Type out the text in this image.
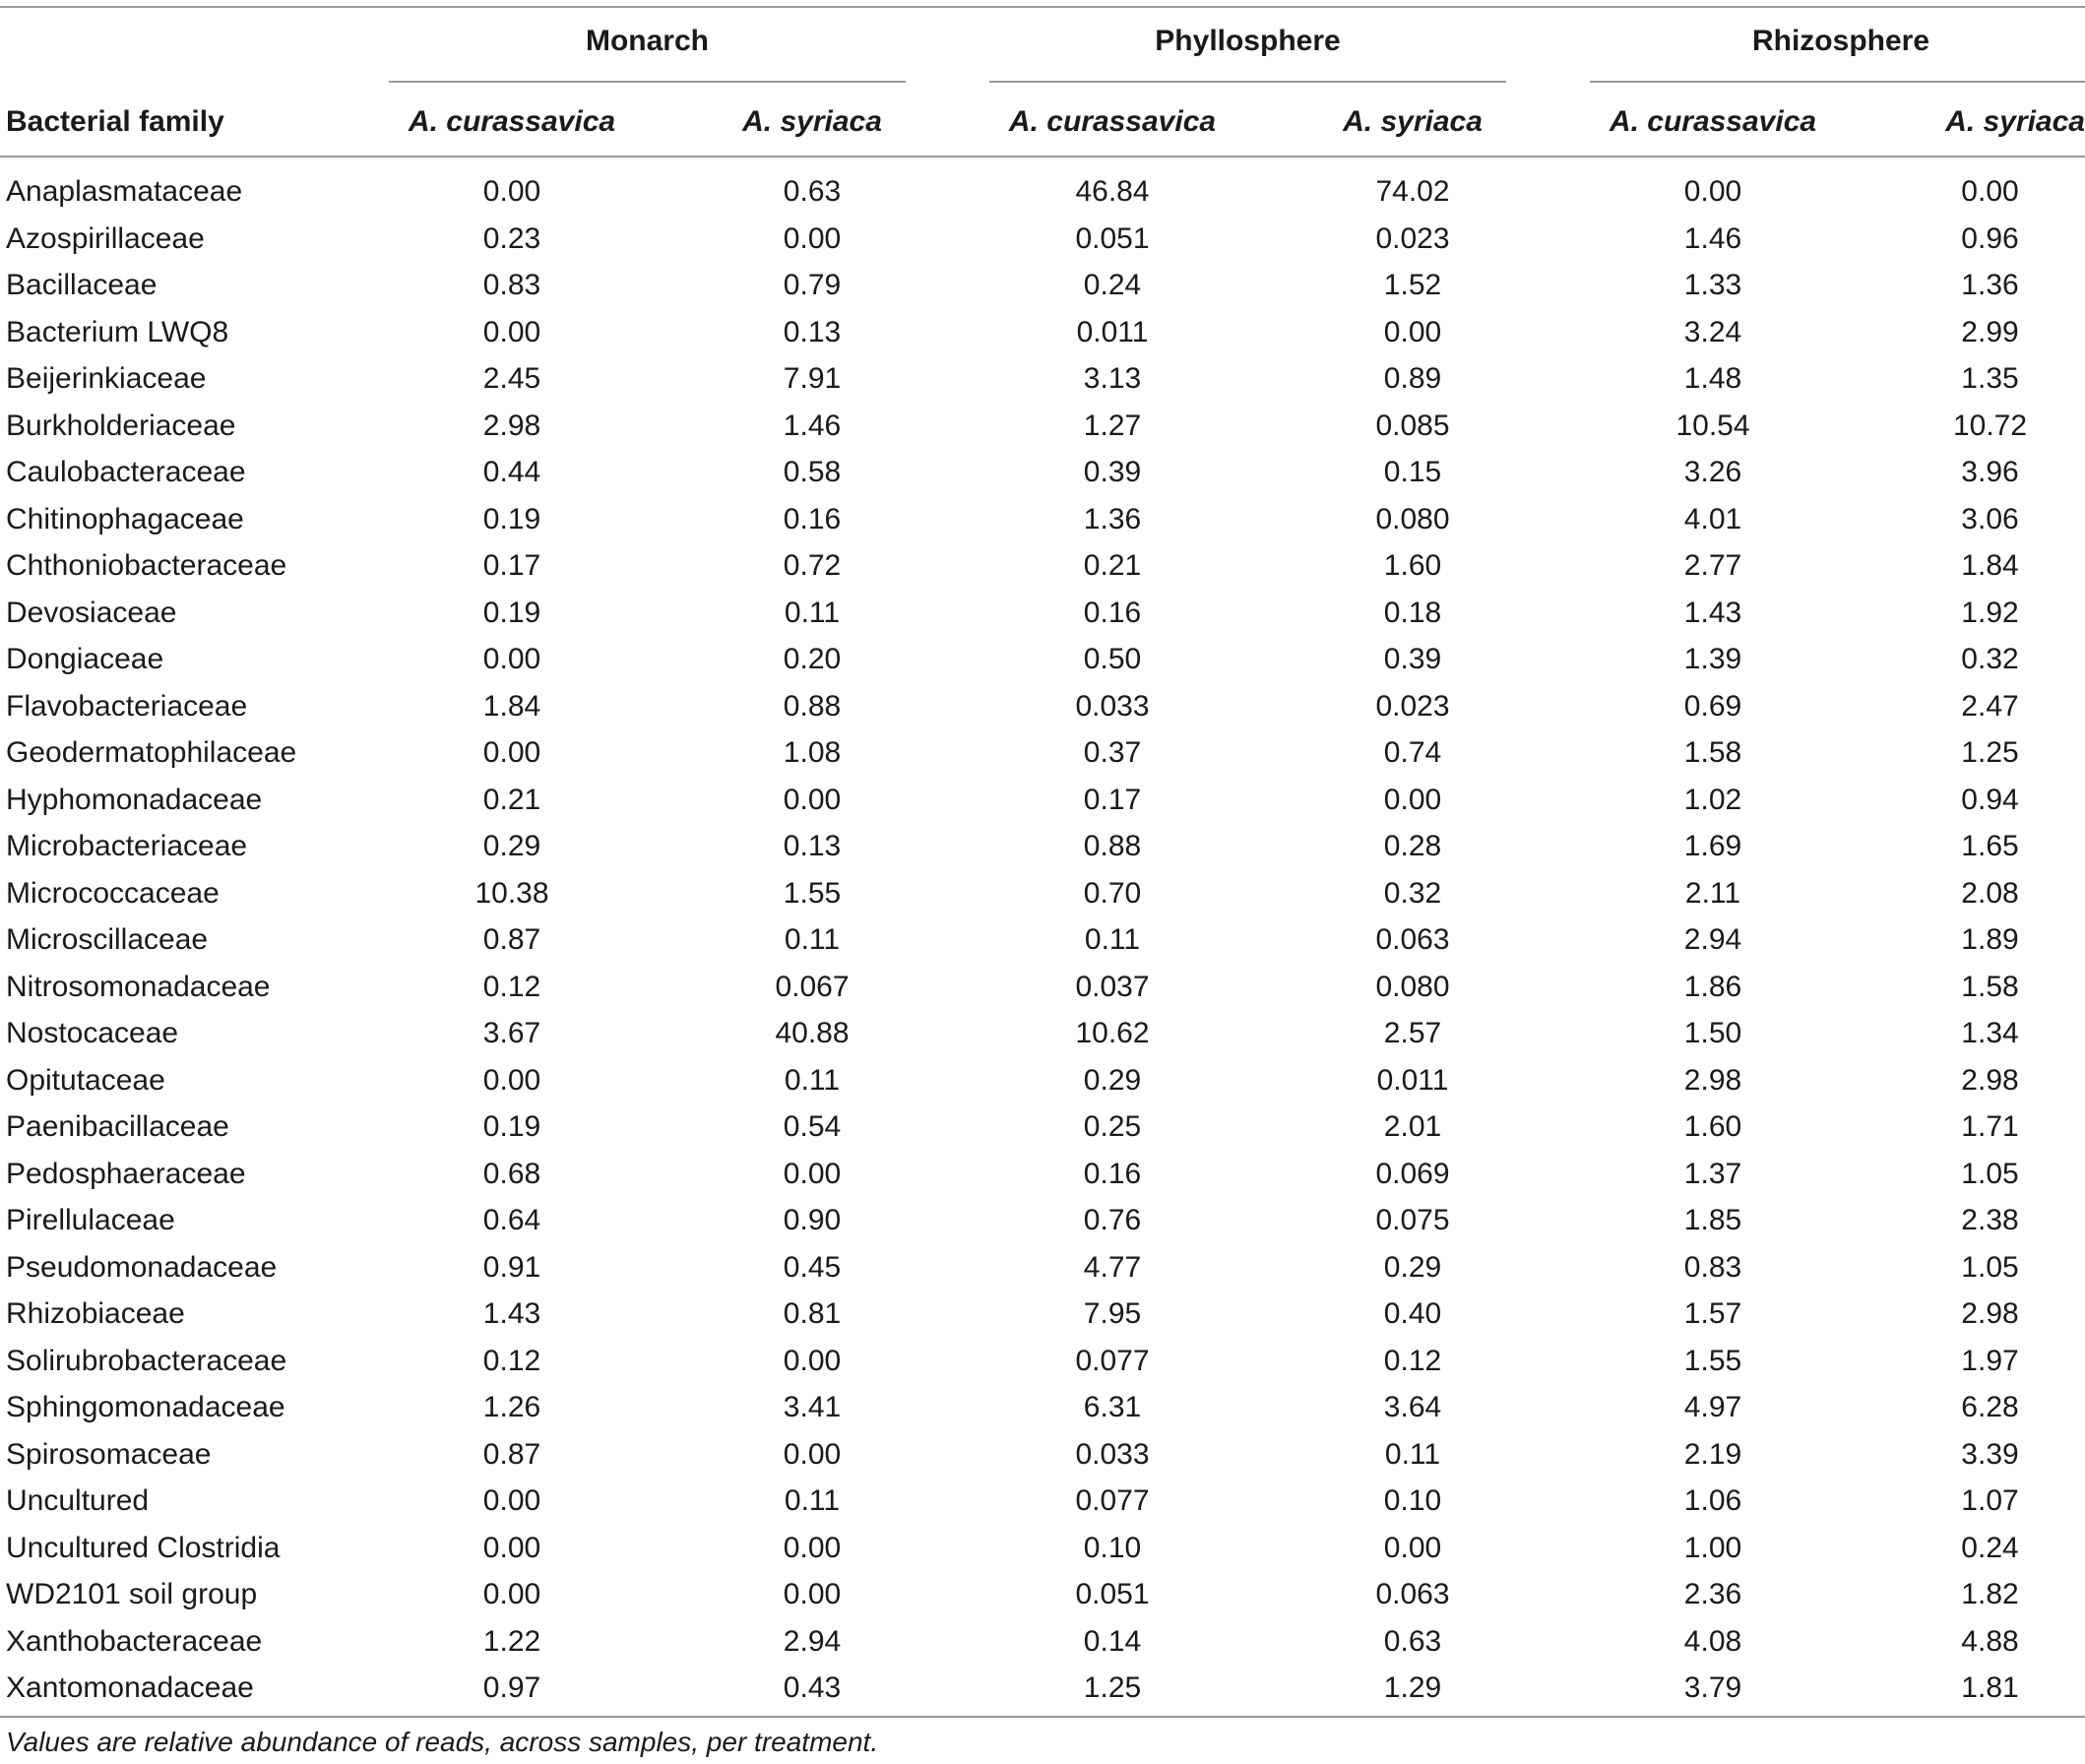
Monarch	Phyllosphere	Rhizosphere
Bacterial family	A. curassavica	A. syriaca	A. curassavica	A. syriaca	A. curassavica	A. syriaca
Anaplasmataceae	0.00	0.63	46.84	74.02	0.00	0.00
Azospirillaceae	0.23	0.00	0.051	0.023	1.46	0.96
Bacillaceae	0.83	0.79	0.24	1.52	1.33	1.36
Bacterium LWQ8	0.00	0.13	0.011	0.00	3.24	2.99
Beijerinkiaceae	2.45	7.91	3.13	0.89	1.48	1.35
Burkholderiaceae	2.98	1.46	1.27	0.085	10.54	10.72
Caulobacteraceae	0.44	0.58	0.39	0.15	3.26	3.96
Chitinophagaceae	0.19	0.16	1.36	0.080	4.01	3.06
Chthoniobacteraceae	0.17	0.72	0.21	1.60	2.77	1.84
Devosiaceae	0.19	0.11	0.16	0.18	1.43	1.92
Dongiaceae	0.00	0.20	0.50	0.39	1.39	0.32
Flavobacteriaceae	1.84	0.88	0.033	0.023	0.69	2.47
Geodermatophilaceae	0.00	1.08	0.37	0.74	1.58	1.25
Hyphomonadaceae	0.21	0.00	0.17	0.00	1.02	0.94
Microbacteriaceae	0.29	0.13	0.88	0.28	1.69	1.65
Micrococcaceae	10.38	1.55	0.70	0.32	2.11	2.08
Microscillaceae	0.87	0.11	0.11	0.063	2.94	1.89
Nitrosomonadaceae	0.12	0.067	0.037	0.080	1.86	1.58
Nostocaceae	3.67	40.88	10.62	2.57	1.50	1.34
Opitutaceae	0.00	0.11	0.29	0.011	2.98	2.98
Paenibacillaceae	0.19	0.54	0.25	2.01	1.60	1.71
Pedosphaeraceae	0.68	0.00	0.16	0.069	1.37	1.05
Pirellulaceae	0.64	0.90	0.76	0.075	1.85	2.38
Pseudomonadaceae	0.91	0.45	4.77	0.29	0.83	1.05
Rhizobiaceae	1.43	0.81	7.95	0.40	1.57	2.98
Solirubrobacteraceae	0.12	0.00	0.077	0.12	1.55	1.97
Sphingomonadaceae	1.26	3.41	6.31	3.64	4.97	6.28
Spirosomaceae	0.87	0.00	0.033	0.11	2.19	3.39
Uncultured	0.00	0.11	0.077	0.10	1.06	1.07
Uncultured Clostridia	0.00	0.00	0.10	0.00	1.00	0.24
WD2101 soil group	0.00	0.00	0.051	0.063	2.36	1.82
Xanthobacteraceae	1.22	2.94	0.14	0.63	4.08	4.88
Xantomonadaceae	0.97	0.43	1.25	1.29	3.79	1.81
Values are relative abundance of reads, across samples, per treatment.
